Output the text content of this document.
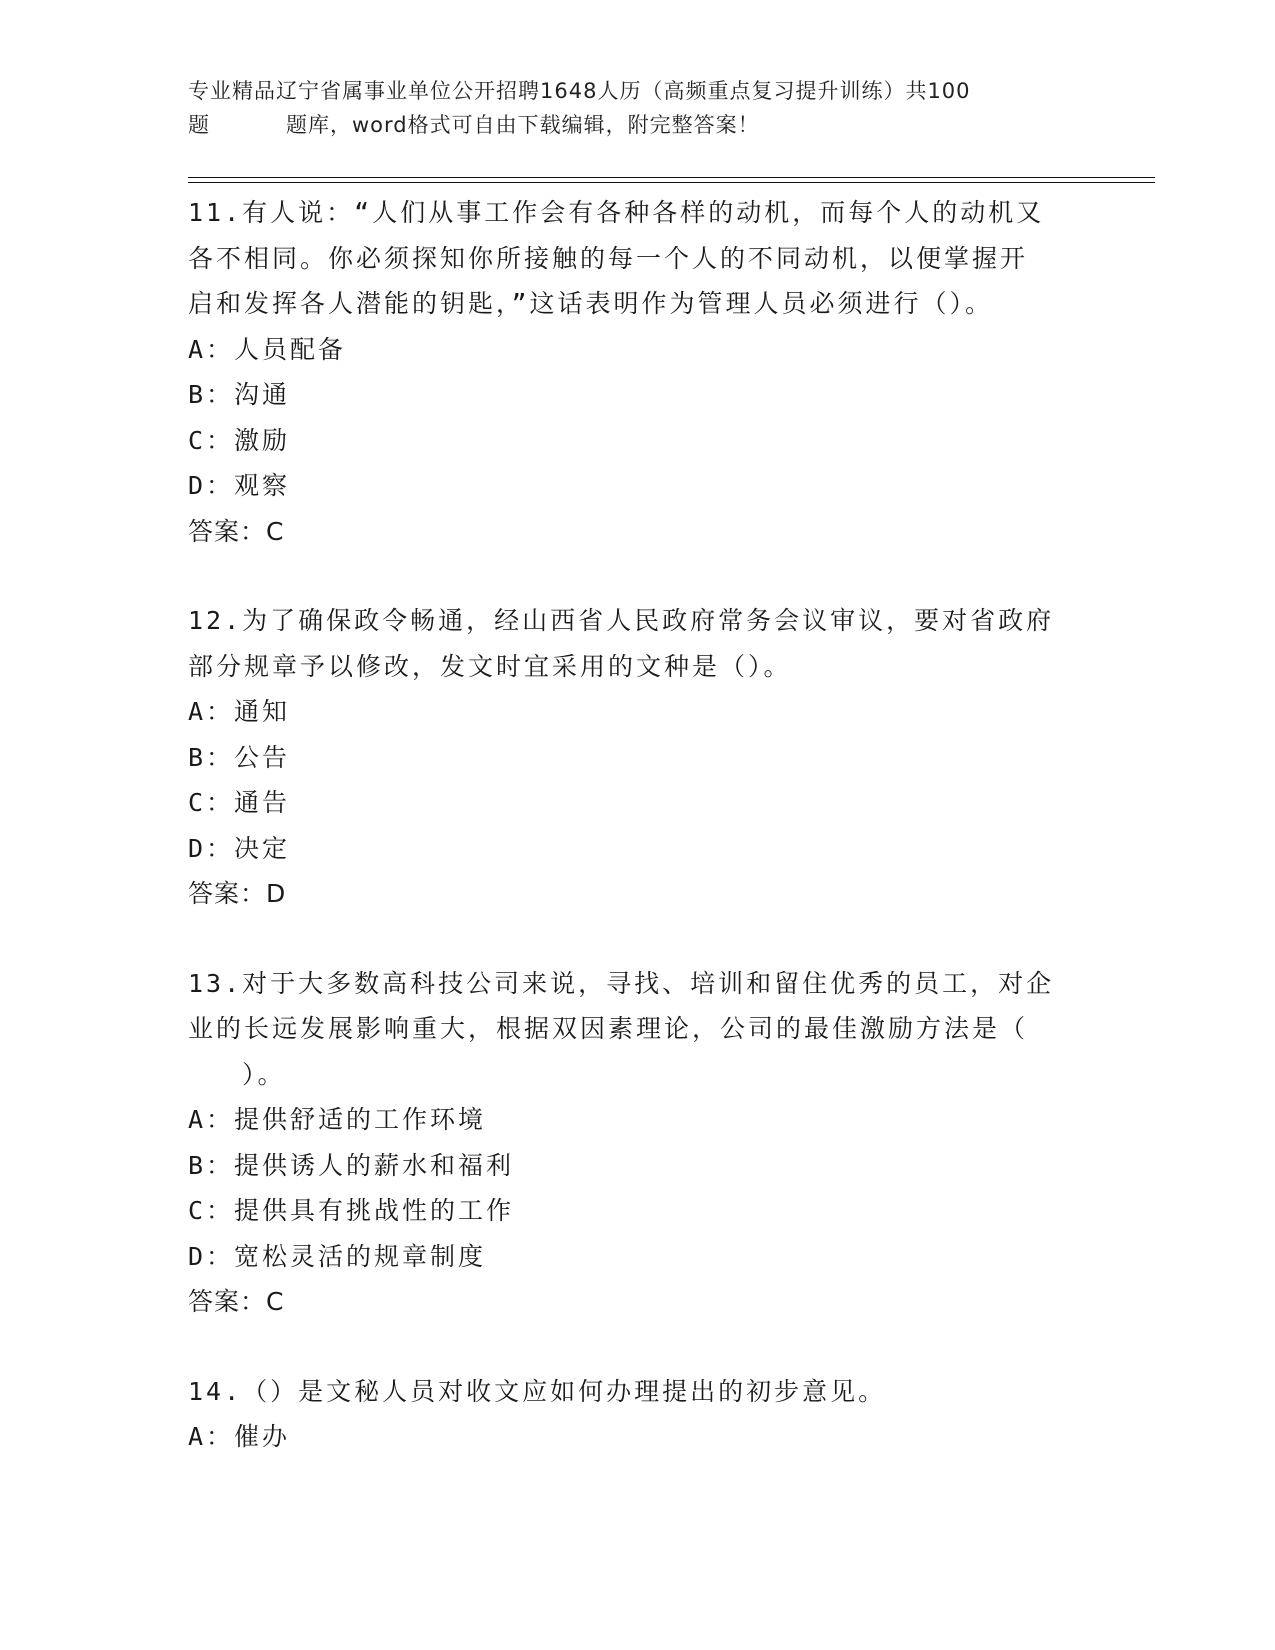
专业精品辽宁省属事业单位公开招聘1648人历（高频重点复习提升训练）共100
题	题库，word格式可自由下载编辑，附完整答案！

11.有人说：“人们从事工作会有各种各样的动机，而每个人的动机又
各不相同。你必须探知你所接触的每一个人的不同动机，以便掌握开
启和发挥各人潜能的钥匙，”这话表明作为管理人员必须进行（）。

A：人员配备

B：沟通

C：激励

D：观察

答案：C

12.为了确保政令畅通，经山西省人民政府常务会议审议，要对省政府
部分规章予以修改，发文时宜采用的文种是（）。

A：通知

B：公告

C：通告

D：决定

答案：D

13.对于大多数高科技公司来说，寻找、培训和留住优秀的员工，对企
业的长远发展影响重大，根据双因素理论，公司的最佳激励方法是（
）。

A：提供舒适的工作环境

B：提供诱人的薪水和福利

C：提供具有挑战性的工作

D：宽松灵活的规章制度

答案：C

14.（）是文秘人员对收文应如何办理提出的初步意见。

A：催办
